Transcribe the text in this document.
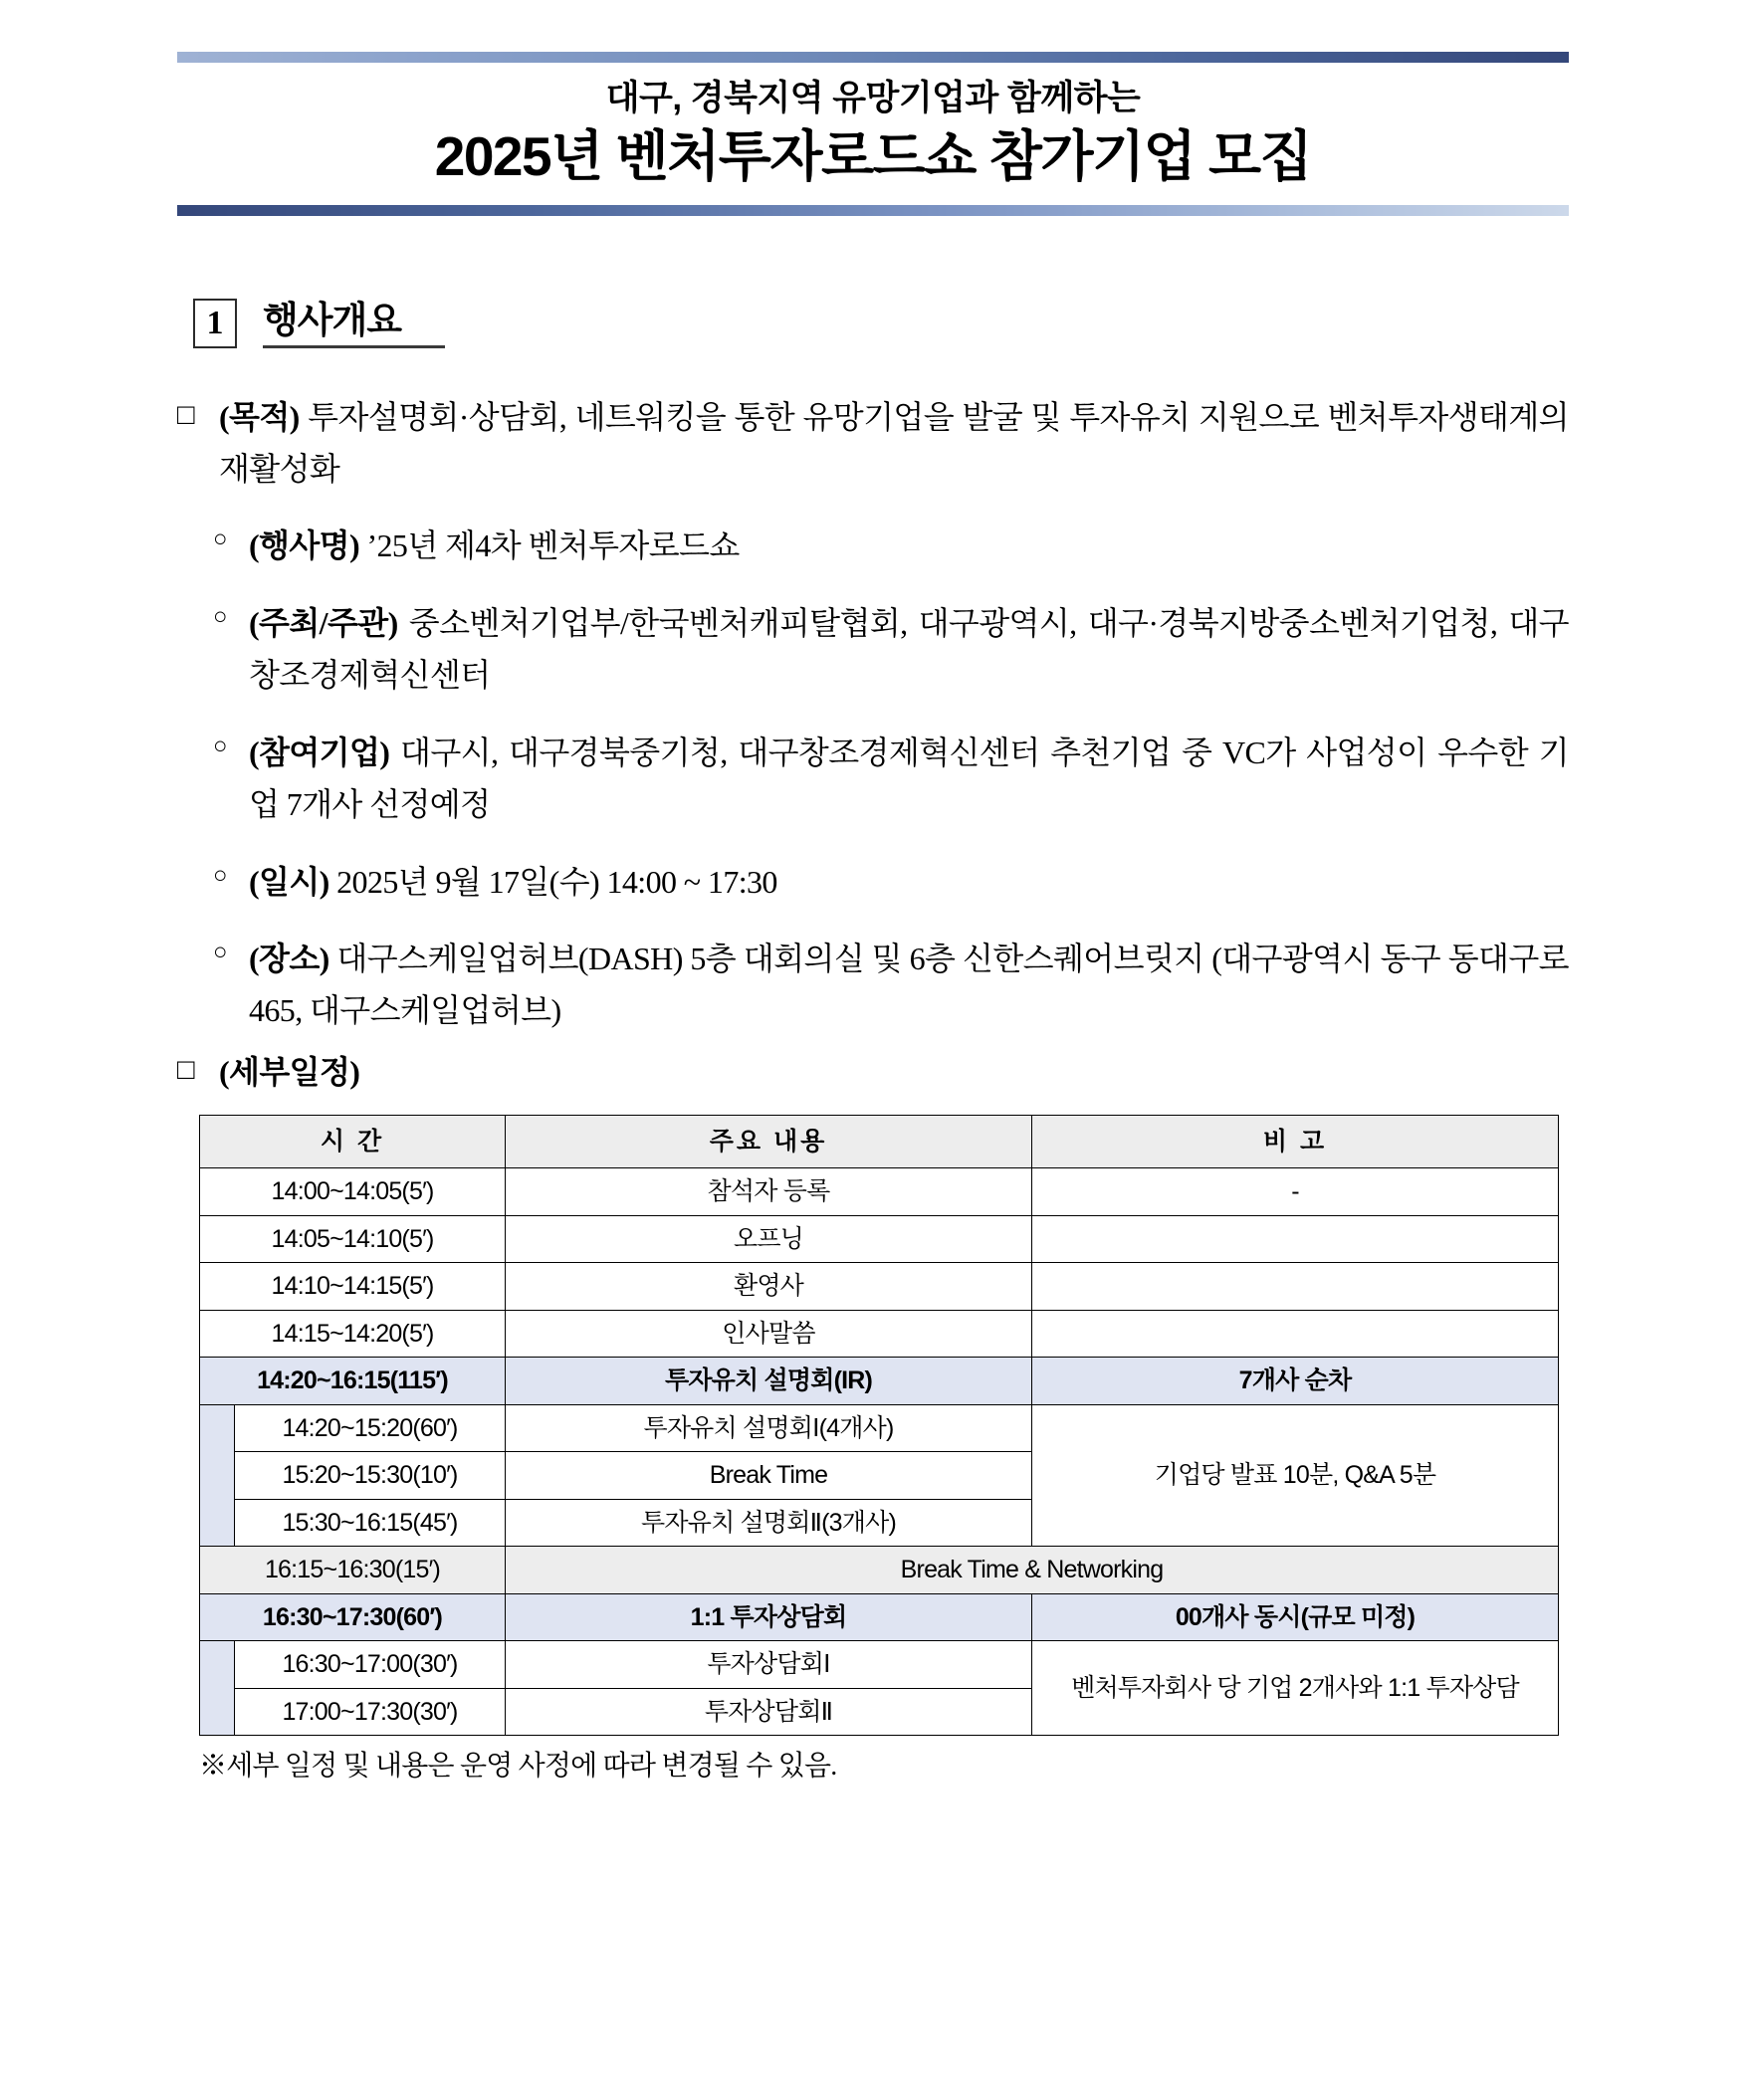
대구, 경북지역 유망기업과 함께하는
2025년 벤처투자로드쇼 참가기업 모집
1	행사개요
□ (목적) 투자설명회·상담회, 네트워킹을 통한 유망기업을 발굴 및 투자유치 지원으로 벤처투자생태계의 재활성화
○ (행사명) ’25년 제4차 벤처투자로드쇼
○ (주최/주관) 중소벤처기업부/한국벤처캐피탈협회, 대구광역시, 대구·경북지방중소벤처기업청, 대구창조경제혁신센터
○ (참여기업) 대구시, 대구경북중기청, 대구창조경제혁신센터 추천기업 중 VC가 사업성이 우수한 기업 7개사 선정예정
○ (일시) 2025년 9월 17일(수) 14:00 ~ 17:30
○ (장소) 대구스케일업허브(DASH) 5층 대회의실 및 6층 신한스퀘어브릿지 (대구광역시 동구 동대구로 465, 대구스케일업허브)
□ (세부일정)
시 간		주요 내용	비 고
14:00~14:05(5′)		참석자 등록	-
14:05~14:10(5′)		오프닝	
14:10~14:15(5′)		환영사	
14:15~14:20(5′)		인사말씀	
14:20~16:15(115′)		투자유치 설명회(IR)	7개사 순차
	14:20~15:20(60′)	투자유치 설명회Ⅰ(4개사)	기업당 발표 10분, Q&A 5분
	15:20~15:30(10′)	Break Time	
	15:30~16:15(45′)	투자유치 설명회Ⅱ(3개사)	
16:15~16:30(15′)		Break Time & Networking	
16:30~17:30(60′)		1:1 투자상담회	00개사 동시(규모 미정)
	16:30~17:00(30′)	투자상담회Ⅰ	벤처투자회사 당 기업 2개사와 1:1 투자상담
	17:00~17:30(30′)	투자상담회Ⅱ	
※세부 일정 및 내용은 운영 사정에 따라 변경될 수 있음.
